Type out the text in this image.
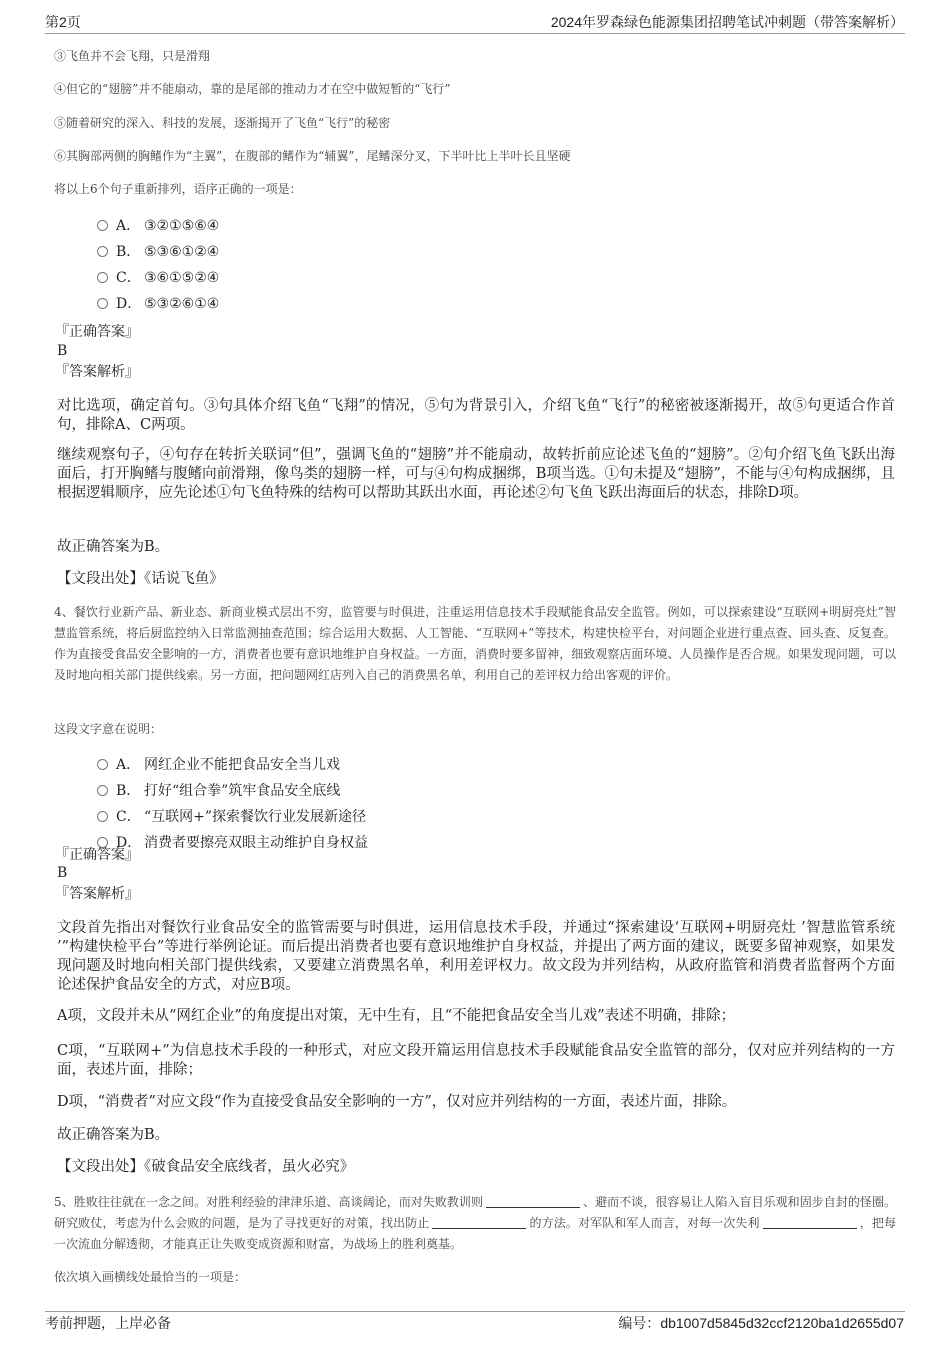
第2页	2024年罗森绿色能源集团招聘笔试冲刺题（带答案解析）
③飞鱼并不会飞翔，只是滑翔
④但它的“翅膀”并不能扇动，靠的是尾部的推动力才在空中做短暂的“飞行”
⑤随着研究的深入、科技的发展，逐渐揭开了飞鱼“飞行”的秘密
⑥其胸部两侧的胸鳍作为“主翼”，在腹部的鳍作为“辅翼”，尾鳍深分叉，下半叶比上半叶长且坚硬
将以上6个句子重新排列，语序正确的一项是：
A． ③②①⑤⑥④
B． ⑤③⑥①②④
C． ③⑥①⑤②④
D． ⑤③②⑥①④
『正确答案』
B
『答案解析』
对比选项，确定首句。③句具体介绍飞鱼“飞翔”的情况，⑤句为背景引入，介绍飞鱼“飞行”的秘密被逐渐揭开，故⑤句更适合作首句，排除A、C两项。
继续观察句子，④句存在转折关联词“但”，强调飞鱼的“翅膀”并不能扇动，故转折前应论述飞鱼的“翅膀”。②句介绍飞鱼飞跃出海面后，打开胸鳍与腹鳍向前滑翔，像鸟类的翅膀一样，可与④句构成捆绑，B项当选。①句未提及“翅膀”，不能与④句构成捆绑，且根据逻辑顺序，应先论述①句飞鱼特殊的结构可以帮助其跃出水面，再论述②句飞鱼飞跃出海面后的状态，排除D项。
故正确答案为B。
【文段出处】《话说飞鱼》
4、餐饮行业新产品、新业态、新商业模式层出不穷，监管要与时俱进，注重运用信息技术手段赋能食品安全监管。例如，可以探索建设“互联网+明厨亮灶”智慧监管系统，将后厨监控纳入日常监测抽查范围；综合运用大数据、人工智能、“互联网+”等技术，构建快检平台，对问题企业进行重点查、回头查、反复查。作为直接受食品安全影响的一方，消费者也要有意识地维护自身权益。一方面，消费时要多留神，细致观察店面环境、人员操作是否合规。如果发现问题，可以及时地向相关部门提供线索。另一方面，把问题网红店列入自己的消费黑名单，利用自己的差评权力给出客观的评价。
这段文字意在说明：
A． 网红企业不能把食品安全当儿戏
B． 打好“组合拳”筑牢食品安全底线
C． “互联网+”探索餐饮行业发展新途径
D． 消费者要擦亮双眼主动维护自身权益
『正确答案』
B
『答案解析』
文段首先指出对餐饮行业食品安全的监管需要与时俱进，运用信息技术手段，并通过“探索建设‘互联网+明厨亮灶 ’智慧监管系统 ’”构建快检平台”等进行举例论证。而后提出消费者也要有意识地维护自身权益，并提出了两方面的建议，既要多留神观察，如果发现问题及时地向相关部门提供线索，又要建立消费黑名单，利用差评权力。故文段为并列结构，从政府监管和消费者监督两个方面论述保护食品安全的方式，对应B项。
A项，文段并未从“网红企业”的角度提出对策，无中生有，且“不能把食品安全当儿戏”表述不明确，排除；
C项，“互联网+”为信息技术手段的一种形式，对应文段开篇运用信息技术手段赋能食品安全监管的部分，仅对应并列结构的一方面，表述片面，排除；
D项，“消费者”对应文段“作为直接受食品安全影响的一方”，仅对应并列结构的一方面，表述片面，排除。
故正确答案为B。
【文段出处】《破食品安全底线者，虽火必究》
5、胜败往往就在一念之间。对胜利经验的津津乐道、高谈阔论，而对失败教训则	、避而不谈，很容易让人陷入盲目乐观和固步自封的怪圈。研究败仗，考虑为什么会败的问题，是为了寻找更好的对策，找出防止	的方法。对军队和军人而言，对每一次失利	，把每一次流血分解透彻，才能真正让失败变成资源和财富，为战场上的胜利奠基。
依次填入画横线处最恰当的一项是：
考前押题，上岸必备	编号：db1007d5845d32ccf2120ba1d2655d07
